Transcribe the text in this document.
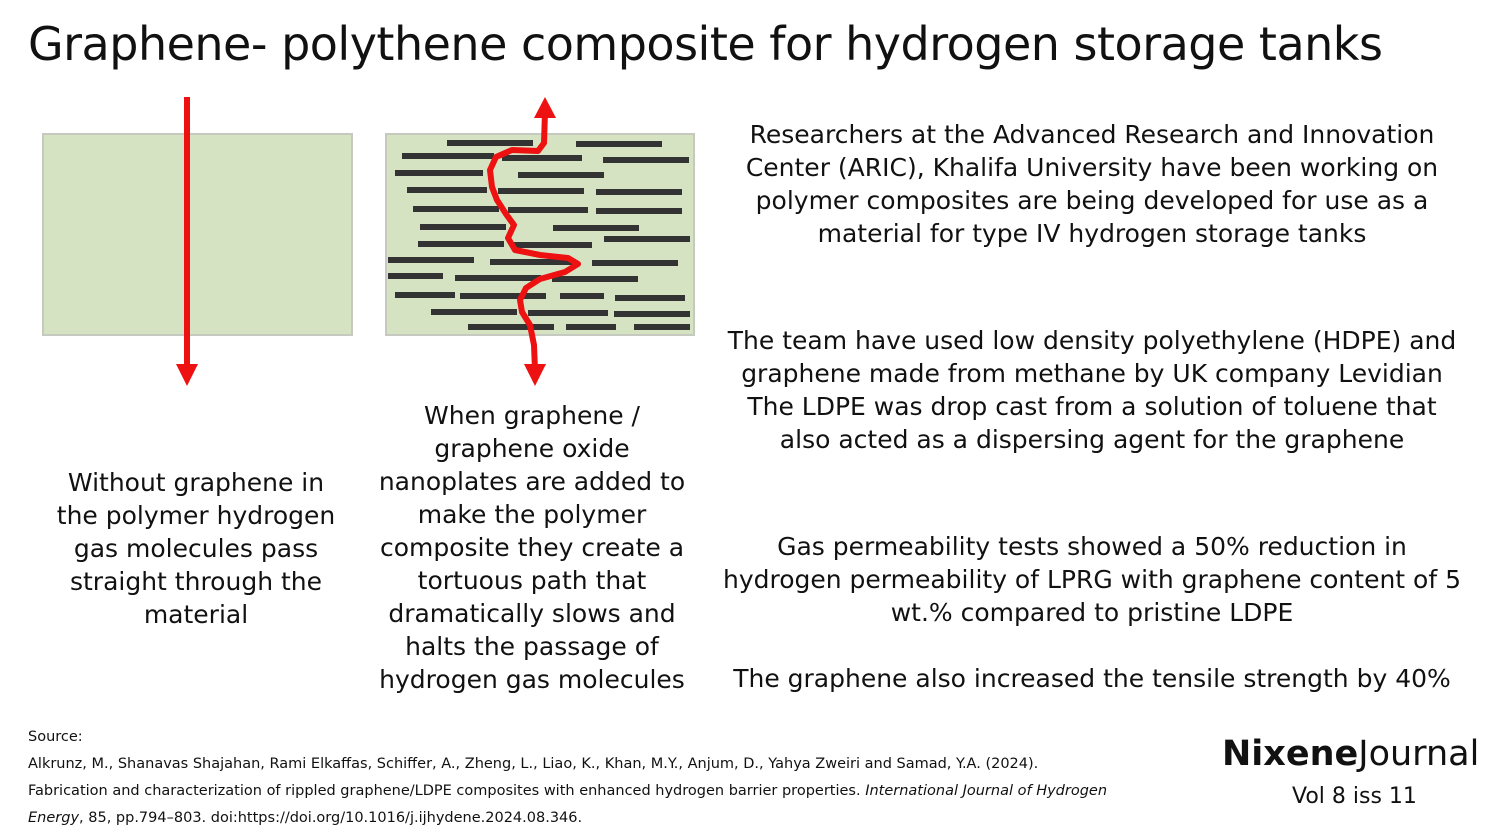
Graphene- polythene composite for hydrogen storage tanks
Without graphene in the polymer hydrogen gas molecules pass straight through the material
When graphene / graphene oxide nanoplates are added to make the polymer composite they create a tortuous path that dramatically slows and halts the passage of hydrogen gas molecules
Researchers at the Advanced Research and Innovation Center (ARIC), Khalifa University have been working on polymer composites are being developed for use as a material for type IV hydrogen storage tanks
The team have used low density polyethylene (HDPE) and graphene made from methane by UK company Levidian The LDPE was drop cast from a solution of toluene that also acted as a dispersing agent for the graphene
Gas permeability tests showed a 50% reduction in hydrogen permeability of LPRG with graphene content of 5 wt.% compared to pristine LDPE
The graphene also increased the tensile strength by 40%
Source:
Alkrunz, M., Shanavas Shajahan, Rami Elkaffas, Schiffer, A., Zheng, L., Liao, K., Khan, M.Y., Anjum, D., Yahya Zweiri and Samad, Y.A. (2024).
Fabrication and characterization of rippled graphene/LDPE composites with enhanced hydrogen barrier properties. International Journal of Hydrogen Energy, 85, pp.794–803. doi:https://doi.org/10.1016/j.ijhydene.2024.08.346.
NixeneJournal
Vol 8 iss 11
